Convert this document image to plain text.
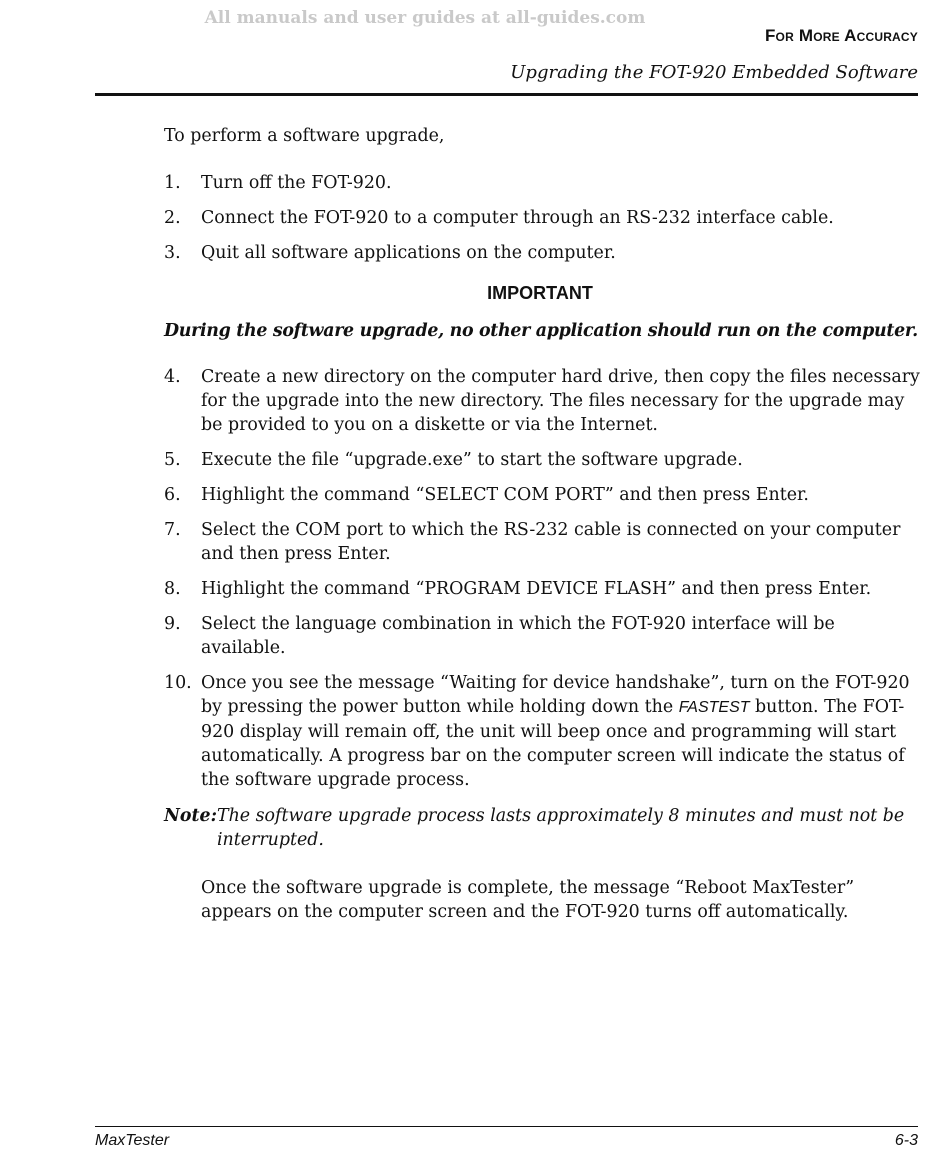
All manuals and user guides at all-guides.com
For More Accuracy
Upgrading the FOT-920 Embedded Software

To perform a software upgrade,

1. Turn off the FOT-920.
2. Connect the FOT-920 to a computer through an RS-232 interface cable.
3. Quit all software applications on the computer.
IMPORTANT

During the software upgrade, no other application should run on the computer.

4. Create a new directory on the computer hard drive, then copy the files necessary for the upgrade into the new directory. The files necessary for the upgrade may be provided to you on a diskette or via the Internet.
5. Execute the file “upgrade.exe” to start the software upgrade.
6. Highlight the command “SELECT COM PORT” and then press Enter.
7. Select the COM port to which the RS-232 cable is connected on your computer and then press Enter.
8. Highlight the command “PROGRAM DEVICE FLASH” and then press Enter.
9. Select the language combination in which the FOT-920 interface will be available.
10. Once you see the message “Waiting for device handshake”, turn on the FOT-920 by pressing the power button while holding down the FASTEST button. The FOT-920 display will remain off, the unit will beep once and programming will start automatically. A progress bar on the computer screen will indicate the status of the software upgrade process.
Note: The software upgrade process lasts approximately 8 minutes and must not be interrupted.

Once the software upgrade is complete, the message “Reboot MaxTester” appears on the computer screen and the FOT-920 turns off automatically.

MaxTester	6-3
